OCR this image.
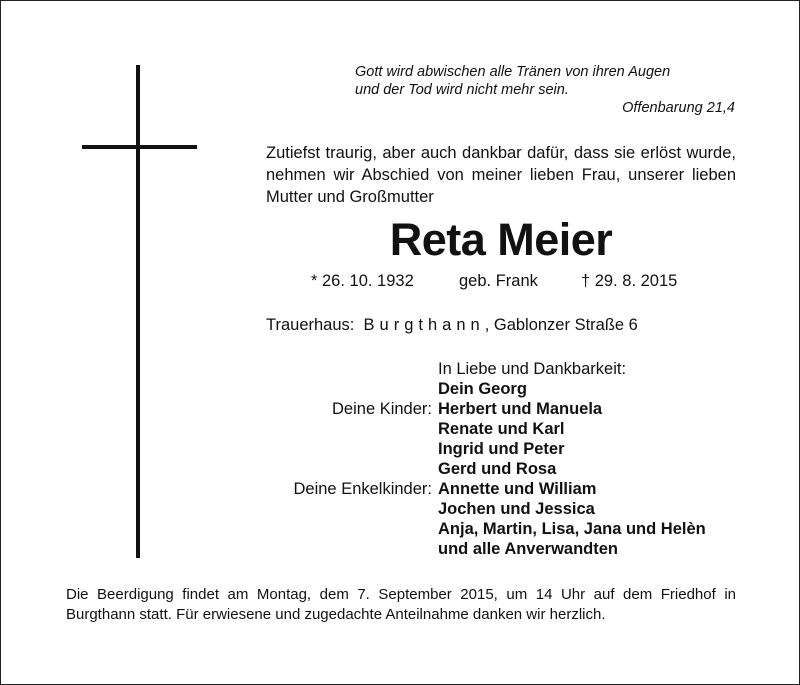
Gott wird abwischen alle Tränen von ihren Augen
und der Tod wird nicht mehr sein.
Offenbarung 21,4
Zutiefst traurig, aber auch dankbar dafür, dass sie erlöst wurde, nehmen wir Abschied von meiner lieben Frau, unserer lieben Mutter und Großmutter
Reta Meier
* 26. 10. 1932	geb. Frank	† 29. 8. 2015
Trauerhaus: Burgthann, Gablonzer Straße 6
In Liebe und Dankbarkeit:
Dein Georg
Deine Kinder: Herbert und Manuela
Renate und Karl
Ingrid und Peter
Gerd und Rosa
Deine Enkelkinder: Annette und William
Jochen und Jessica
Anja, Martin, Lisa, Jana und Helèn
und alle Anverwandten
Die Beerdigung findet am Montag, dem 7. September 2015, um 14 Uhr auf dem Friedhof in Burgthann statt. Für erwiesene und zugedachte Anteilnahme danken wir herzlich.
